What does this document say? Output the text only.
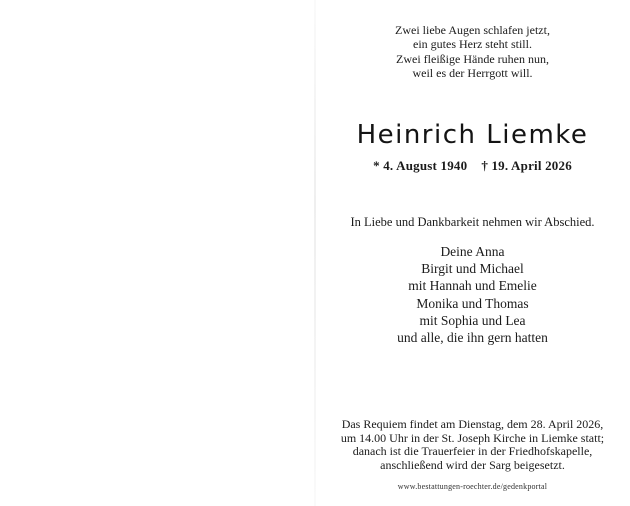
Zwei liebe Augen schlafen jetzt,
ein gutes Herz steht still.
Zwei fleißige Hände ruhen nun,
weil es der Herrgott will.
Heinrich Liemke
* 4. August 1940 † 19. April 2026
In Liebe und Dankbarkeit nehmen wir Abschied.
Deine Anna
Birgit und Michael
mit Hannah und Emelie
Monika und Thomas
mit Sophia und Lea
und alle, die ihn gern hatten
Das Requiem findet am Dienstag, dem 28. April 2026,
um 14.00 Uhr in der St. Joseph Kirche in Liemke statt;
danach ist die Trauerfeier in der Friedhofskapelle,
anschließend wird der Sarg beigesetzt.
www.bestattungen-roechter.de/gedenkportal
